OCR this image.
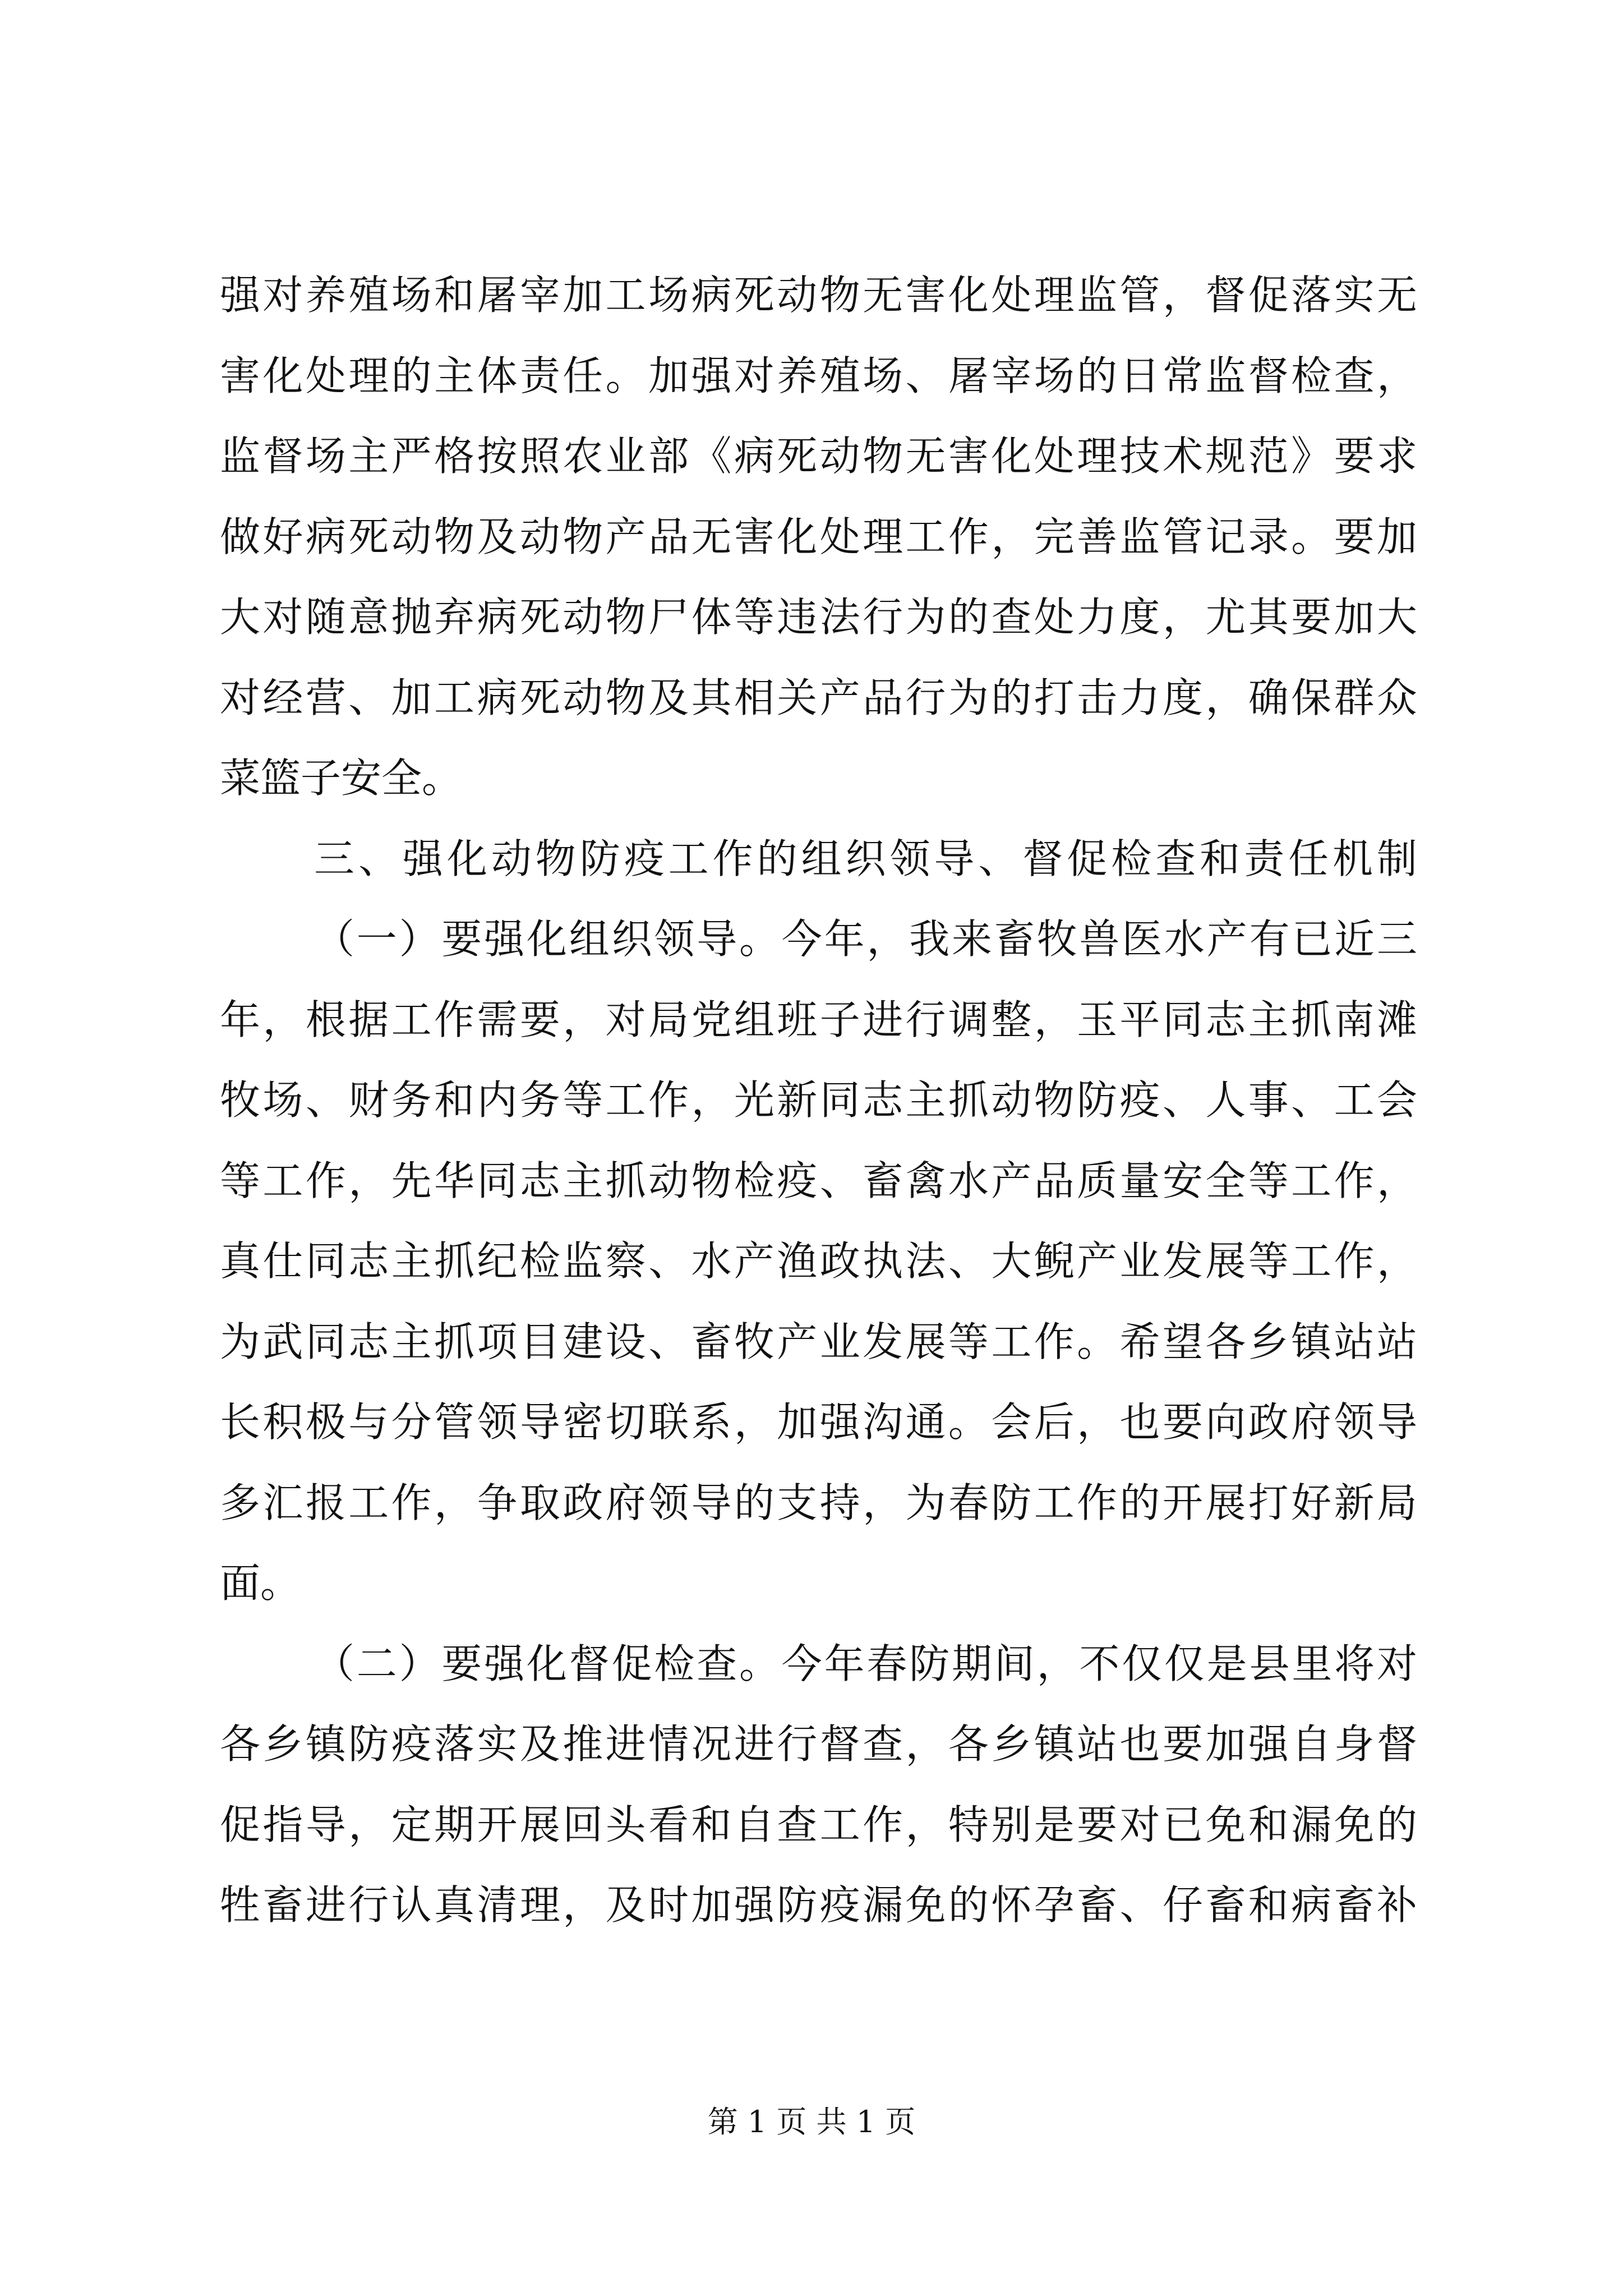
强对养殖场和屠宰加工场病死动物无害化处理监管，督促落实无
害化处理的主体责任。加强对养殖场、屠宰场的日常监督检查，
监督场主严格按照农业部《病死动物无害化处理技术规范》要求
做好病死动物及动物产品无害化处理工作，完善监管记录。要加
大对随意抛弃病死动物尸体等违法行为的查处力度，尤其要加大
对经营、加工病死动物及其相关产品行为的打击力度，确保群众
菜篮子安全。
三、强化动物防疫工作的组织领导、督促检查和责任机制
（一）要强化组织领导。今年，我来畜牧兽医水产有已近三
年，根据工作需要，对局党组班子进行调整，玉平同志主抓南滩
牧场、财务和内务等工作，光新同志主抓动物防疫、人事、工会
等工作，先华同志主抓动物检疫、畜禽水产品质量安全等工作，
真仕同志主抓纪检监察、水产渔政执法、大鲵产业发展等工作，
为武同志主抓项目建设、畜牧产业发展等工作。希望各乡镇站站
长积极与分管领导密切联系，加强沟通。会后，也要向政府领导
多汇报工作，争取政府领导的支持，为春防工作的开展打好新局
面。
（二）要强化督促检查。今年春防期间，不仅仅是县里将对
各乡镇防疫落实及推进情况进行督查，各乡镇站也要加强自身督
促指导，定期开展回头看和自查工作，特别是要对已免和漏免的
牲畜进行认真清理，及时加强防疫漏免的怀孕畜、仔畜和病畜补
第 1 页 共 1 页
